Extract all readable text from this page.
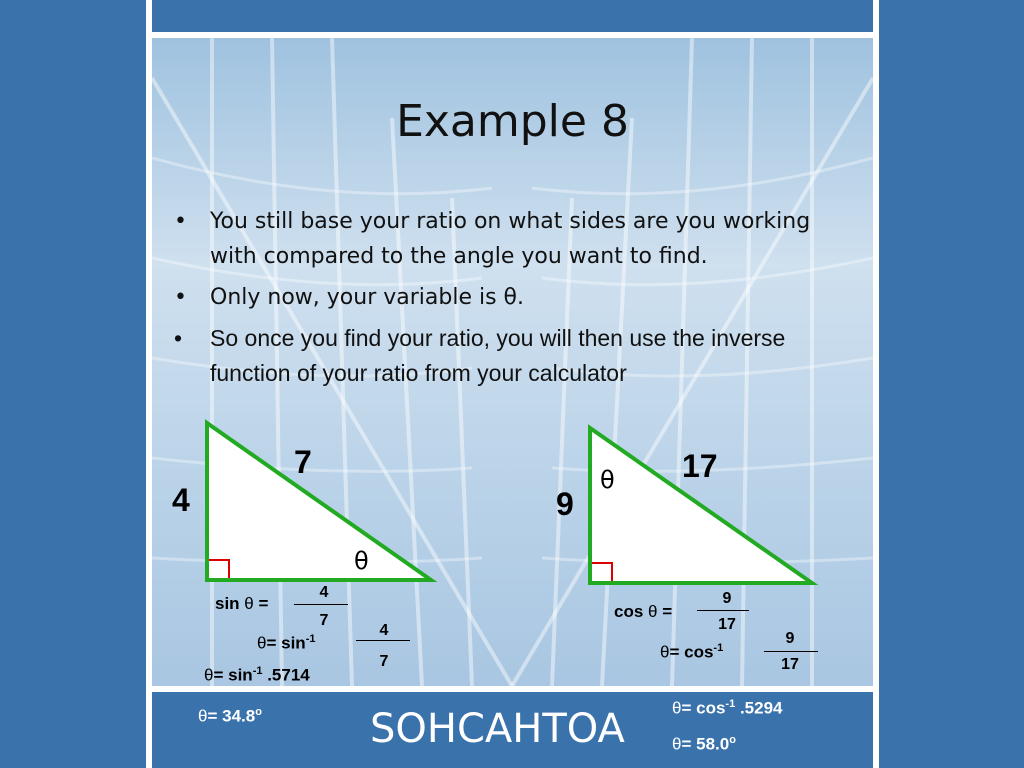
Example 8
• You still base your ratio on what sides are you working with compared to the angle you want to find.
• Only now, your variable is θ.
• So once you find your ratio, you will then use the inverse function of your ratio from your calculator
7
4
θ
17
9
θ
sin θ =
4
7
$\theta= \sin^{-1}$	4
7
$\theta= \sin^{-1} .5714$
cos θ =
9
17
$\theta= \cos^{-1}$
9
17
$\theta= 34.8^o$	SOHCAHTOA	$\theta= \cos^{-1} .5294$
$\theta= 58.0^o$
